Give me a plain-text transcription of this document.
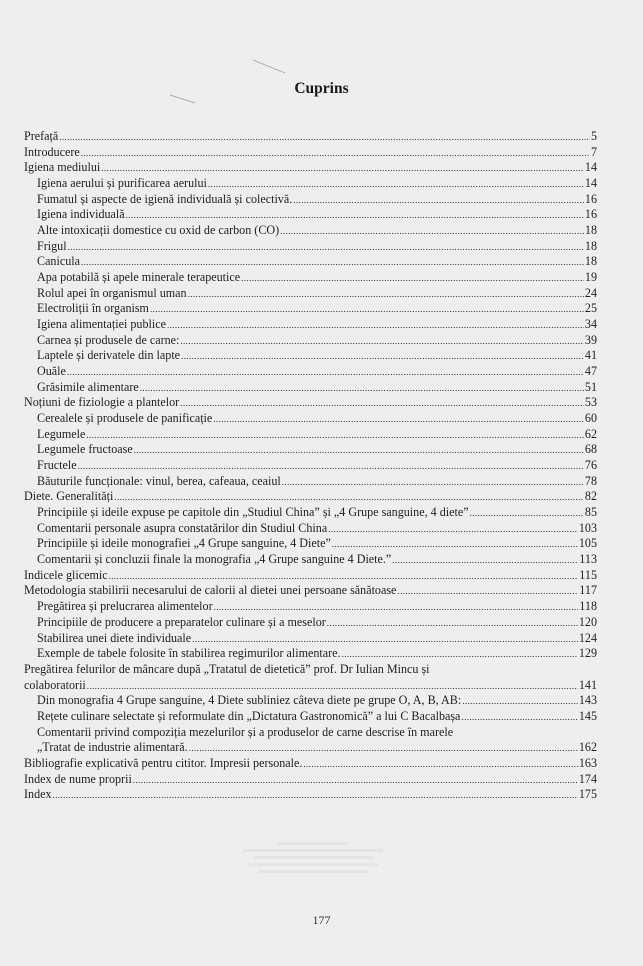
Cuprins
Prefață .....	5
Introducere .....	7
Igiena mediului .....	14
Igiena aerului și purificarea aerului .....	14
Fumatul și aspecte de igienă individuală și colectivă. .....	16
Igiena individuală .....	16
Alte intoxicații domestice cu oxid de carbon (CO) .....	18
Frigul .....	18
Canicula .....	18
Apa potabilă și apele minerale terapeutice .....	19
Rolul apei în organismul uman .....	24
Electroliții în organism .....	25
Igiena alimentației publice .....	34
Carnea și produsele de carne: .....	39
Laptele și derivatele din lapte .....	41
Ouăle .....	47
Grăsimile alimentare .....	51
Noțiuni de fiziologie a plantelor .....	53
Cerealele și produsele de panificație .....	60
Legumele .....	62
Legumele fructoase .....	68
Fructele .....	76
Băuturile funcționale: vinul, berea, cafeaua, ceaiul .....	78
Diete. Generalități .....	82
Principiile și ideile expuse pe capitole din „Studiul China” și „4 Grupe sanguine, 4 diete” .....	85
Comentarii personale asupra constatărilor din Studiul China .....	103
Principiile și ideile monografiei „4 Grupe sanguine, 4 Diete” .....	105
Comentarii și concluzii finale la monografia „4 Grupe sanguine 4 Diete.” .....	113
Indicele glicemic .....	115
Metodologia stabilirii necesarului de calorii al dietei unei persoane sănătoase .....	117
Pregătirea și prelucrarea alimentelor .....	118
Principiile de producere a preparatelor culinare și a meselor .....	120
Stabilirea unei diete individuale .....	124
Exemple de tabele folosite în stabilirea regimurilor alimentare. .....	129
Pregătirea felurilor de mâncare după „Tratatul de dietetică” prof. Dr Iulian Mincu și
colaboratorii .....	141
Din monografia 4 Grupe sanguine, 4 Diete subliniez câteva diete pe grupe O, A, B, AB: .....	143
Rețete culinare selectate și reformulate din „Dictatura Gastronomică” a lui C Bacalbașa .....	145
Comentarii privind compoziția mezelurilor și a produselor de carne descrise în marele
„Tratat de industrie alimentară. .....	162
Bibliografie explicativă pentru cititor. Impresii personale. .....	163
Index de nume proprii .....	174
Index .....	175
177
